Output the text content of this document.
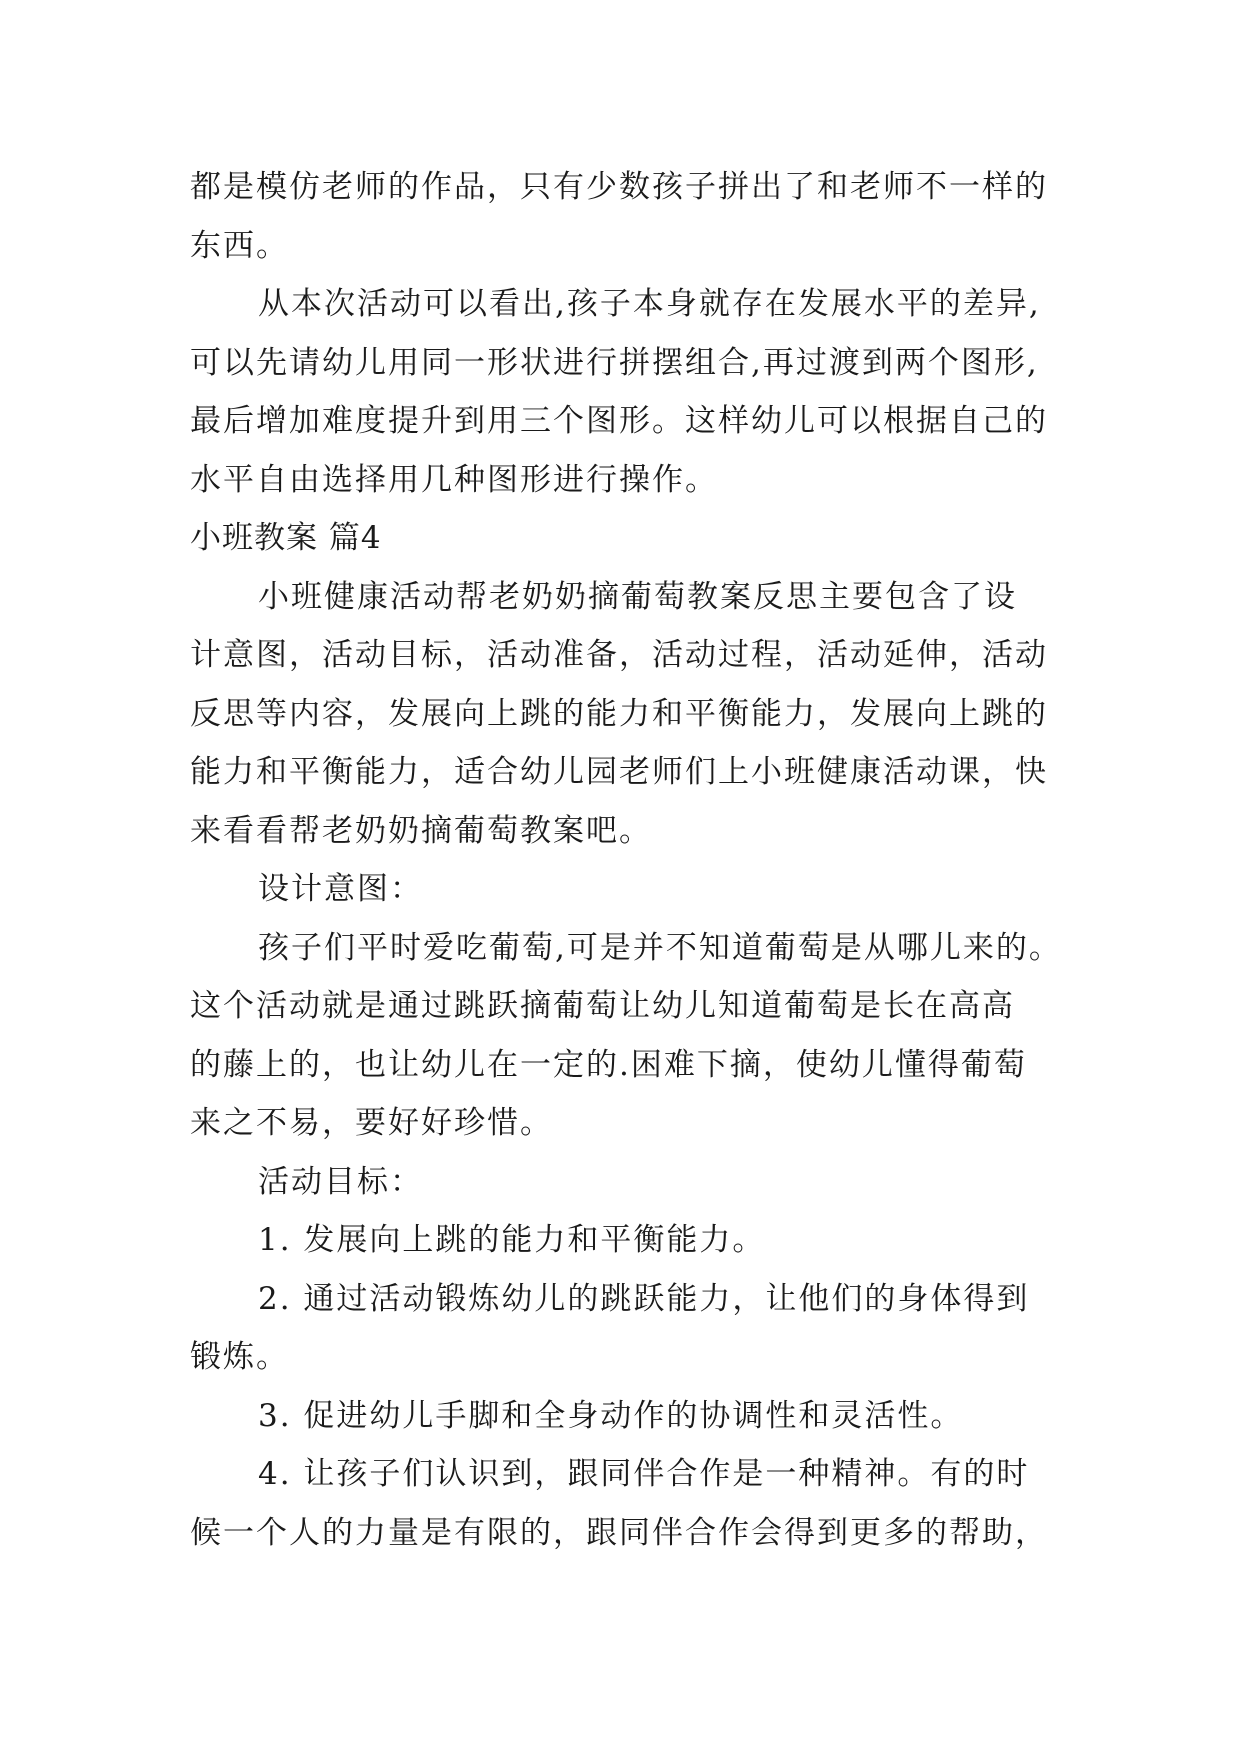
都是模仿老师的作品，只有少数孩子拼出了和老师不一样的
东西。
从本次活动可以看出,孩子本身就存在发展水平的差异,
可以先请幼儿用同一形状进行拼摆组合,再过渡到两个图形,
最后增加难度提升到用三个图形。这样幼儿可以根据自己的
水平自由选择用几种图形进行操作。
小班教案 篇4
小班健康活动帮老奶奶摘葡萄教案反思主要包含了设
计意图，活动目标，活动准备，活动过程，活动延伸，活动
反思等内容，发展向上跳的能力和平衡能力，发展向上跳的
能力和平衡能力，适合幼儿园老师们上小班健康活动课，快
来看看帮老奶奶摘葡萄教案吧。
设计意图：
孩子们平时爱吃葡萄,可是并不知道葡萄是从哪儿来的。
这个活动就是通过跳跃摘葡萄让幼儿知道葡萄是长在高高
的藤上的，也让幼儿在一定的.困难下摘，使幼儿懂得葡萄
来之不易，要好好珍惜。
活动目标：
1. 发展向上跳的能力和平衡能力。
2. 通过活动锻炼幼儿的跳跃能力，让他们的身体得到
锻炼。
3. 促进幼儿手脚和全身动作的协调性和灵活性。
4. 让孩子们认识到，跟同伴合作是一种精神。有的时
候一个人的力量是有限的，跟同伴合作会得到更多的帮助，
